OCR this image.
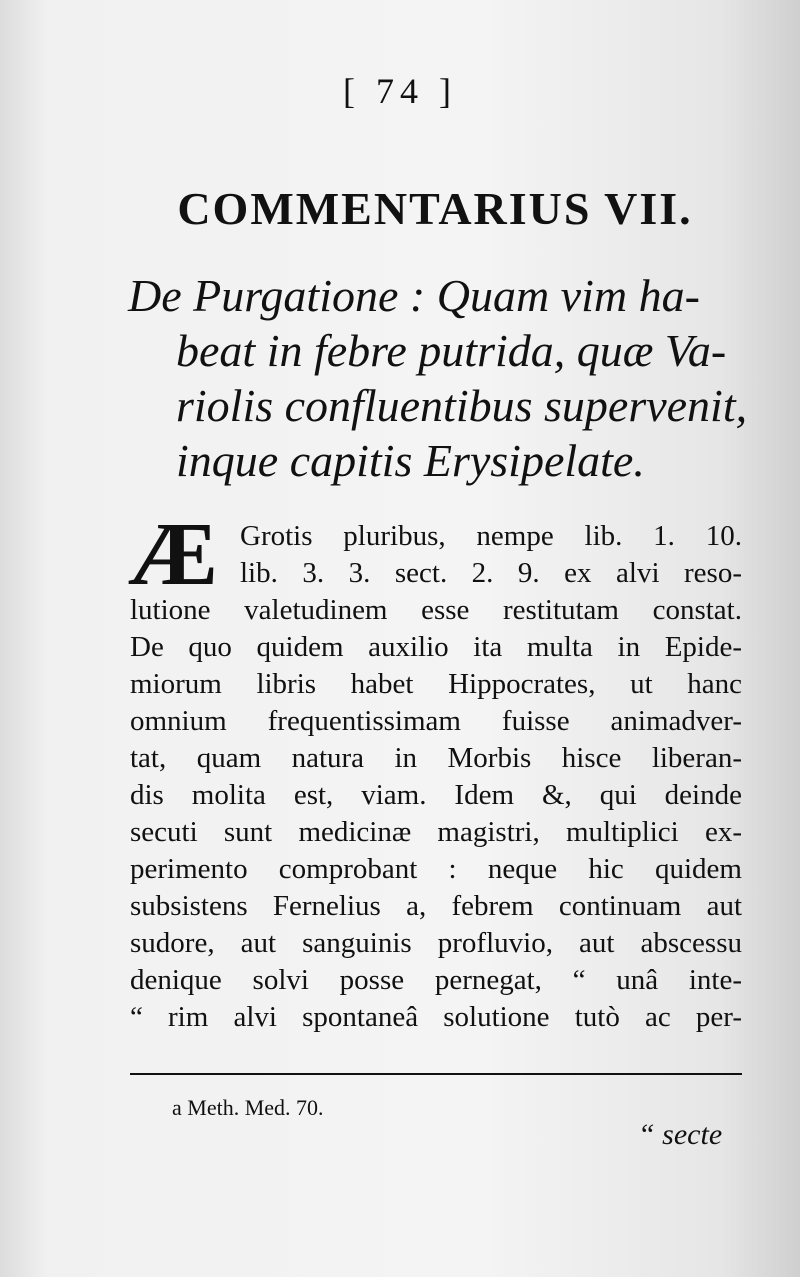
[ 74 ]
COMMENTARIUS VII.
De Purgatione : Quam vim ha-
beat in febre putrida, quæ Va-
riolis confluentibus supervenit,
inque capitis Erysipelate.
Æ Grotis pluribus, nempe lib. 1. 10.
lib. 3. 3. sect. 2. 9. ex alvi reso-
lutione valetudinem esse restitutam constat.
De quo quidem auxilio ita multa in Epide-
miorum libris habet Hippocrates, ut hanc
omnium frequentissimam fuisse animadver-
tat, quam natura in Morbis hisce liberan-
dis molita est, viam. Idem &, qui deinde
secuti sunt medicinæ magistri, multiplici ex-
perimento comprobant : neque hic quidem
subsistens Fernelius a, febrem continuam aut
sudore, aut sanguinis profluvio, aut abscessu
denique solvi posse pernegat, “ unâ inte-
“ rim alvi spontaneâ solutione tutò ac per-
a Meth. Med. 70.
“ secte
